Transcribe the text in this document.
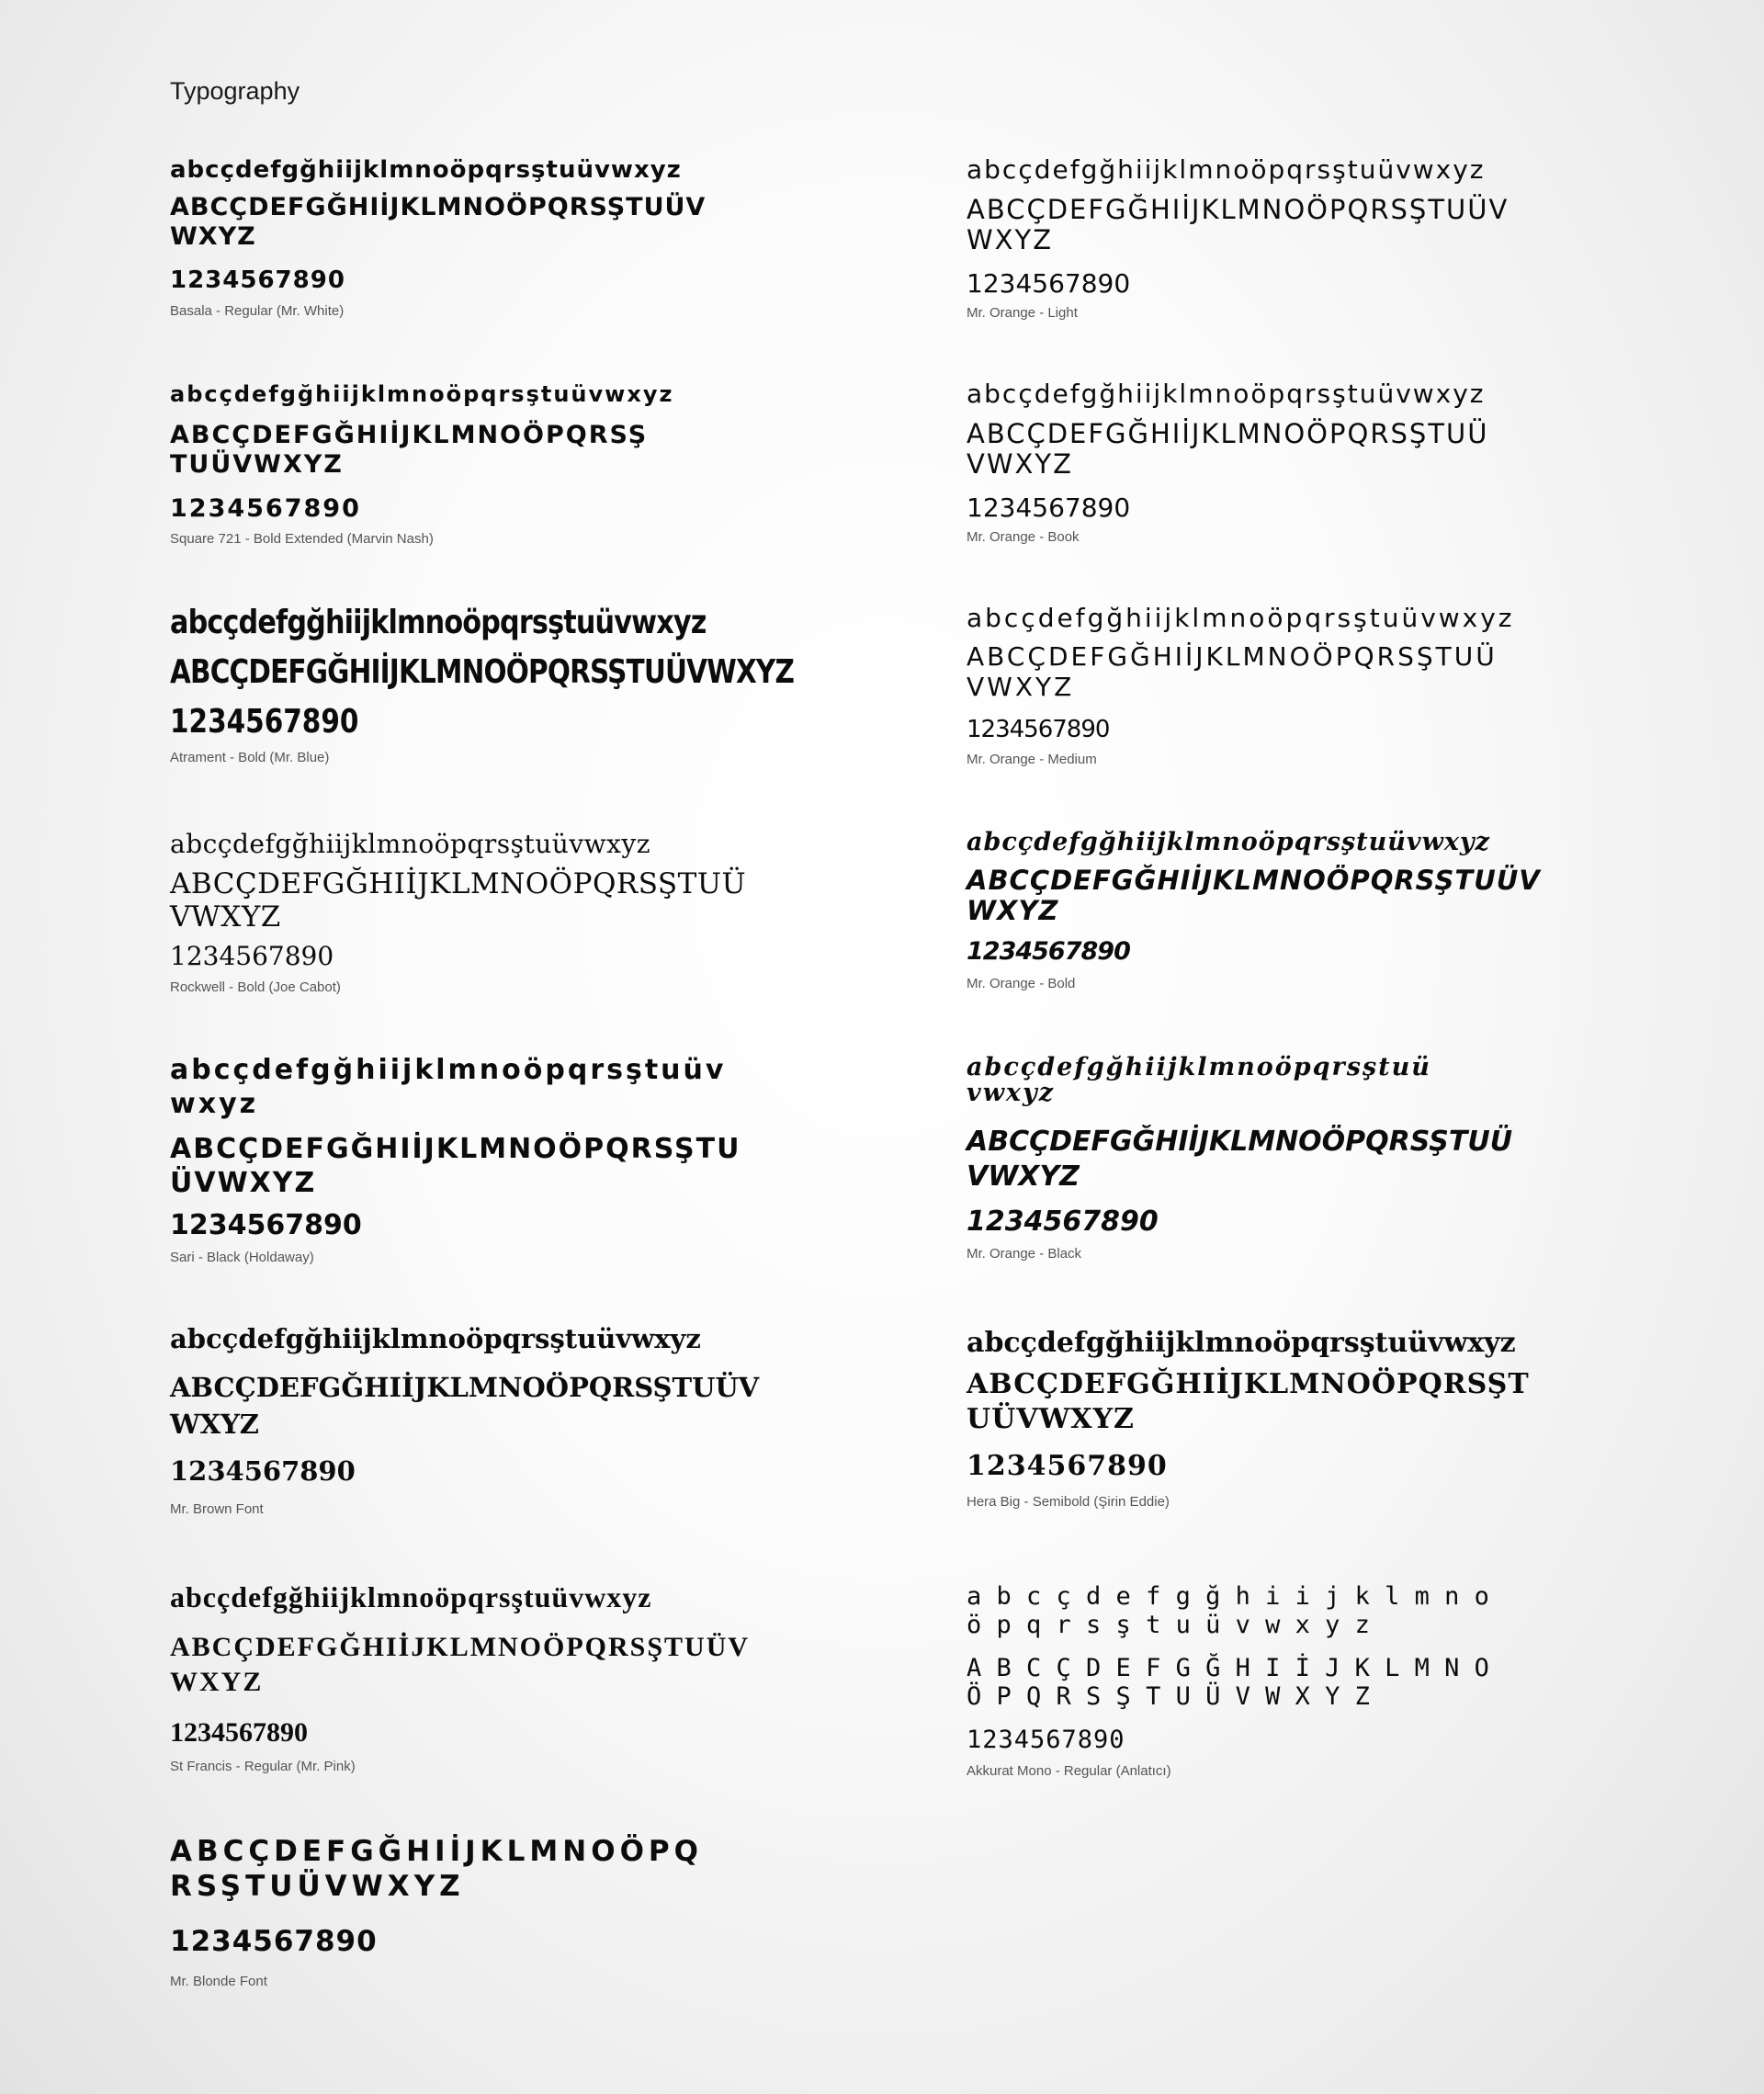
Typography

abcçdefgğhiijklmnoöpqrsştuüvwxyz

ABCÇDEFGĞHIİJKLMNOÖPQRSŞTUÜV
WXYZ

1234567890

Basala - Regular (Mr. White)

abcçdefgğhiijklmnoöpqrsştuüvwxyz

ABCÇDEFGĞHIİJKLMNOÖPQRSŞ
TUÜVWXYZ

1234567890

Square 721 - Bold Extended (Marvin Nash)

abcçdefgğhiijklmnoöpqrsştuüvwxyz

ABCÇDEFGĞHIİJKLMNOÖPQRSŞTUÜVWXYZ

1234567890

Atrament - Bold (Mr. Blue)

abcçdefgğhiijklmnoöpqrsştuüvwxyz

ABCÇDEFGĞHIİJKLMNOÖPQRSŞTUÜ
VWXYZ

1234567890

Rockwell - Bold (Joe Cabot)

abcçdefgğhiijklmnoöpqrsştuüv
wxyz

ABCÇDEFGĞHIİJKLMNOÖPQRSŞTU
ÜVWXYZ

1234567890

Sari - Black (Holdaway)

abcçdefgğhiijklmnoöpqrsştuüvwxyz

ABCÇDEFGĞHIİJKLMNOÖPQRSŞTUÜV
WXYZ

1234567890

Mr. Brown Font

abcçdefgğhiijklmnoöpqrsştuüvwxyz

ABCÇDEFGĞHIİJKLMNOÖPQRSŞTUÜV
WXYZ

1234567890

St Francis - Regular (Mr. Pink)

ABCÇDEFGĞHIİJKLMNOÖPQ
RSŞTUÜVWXYZ

1234567890

Mr. Blonde Font

abcçdefgğhiijklmnoöpqrsştuüvwxyz

ABCÇDEFGĞHIİJKLMNOÖPQRSŞTUÜV
WXYZ

1234567890

Mr. Orange - Light

abcçdefgğhiijklmnoöpqrsştuüvwxyz

ABCÇDEFGĞHIİJKLMNOÖPQRSŞTUÜ
VWXYZ

1234567890

Mr. Orange - Book

abcçdefgğhiijklmnoöpqrsştuüvwxyz

ABCÇDEFGĞHIİJKLMNOÖPQRSŞTUÜ
VWXYZ

1234567890

Mr. Orange - Medium

abcçdefgğhiijklmnoöpqrsştuüvwxyz

ABCÇDEFGĞHIİJKLMNOÖPQRSŞTUÜV
WXYZ

1234567890

Mr. Orange - Bold

abcçdefgğhiijklmnoöpqrsştuü
vwxyz

ABCÇDEFGĞHIİJKLMNOÖPQRSŞTUÜ
VWXYZ

1234567890

Mr. Orange - Black

abcçdefgğhiijklmnoöpqrsştuüvwxyz

ABCÇDEFGĞHIİJKLMNOÖPQRSŞT
UÜVWXYZ

1234567890

Hera Big - Semibold (Şirin Eddie)

a b c ç d e f g ğ h i i j k l m n o
ö p q r s ş t u ü v w x y z

A B C Ç D E F G Ğ H I İ J K L M N O
Ö P Q R S Ş T U Ü V W X Y Z

1234567890

Akkurat Mono - Regular (Anlatıcı)
